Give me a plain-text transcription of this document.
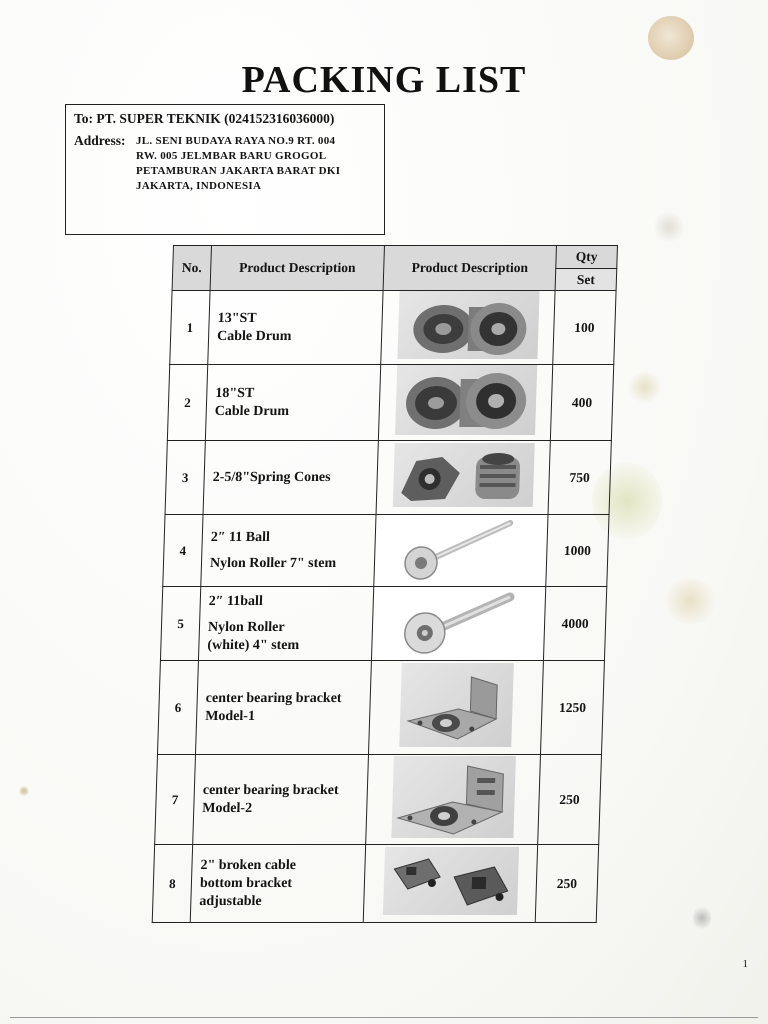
PACKING LIST
To: PT. SUPER TEKNIK (024152316036000)
Address: JL. SENI BUDAYA RAYA NO.9 RT. 004
RW. 005 JELMBAR BARU GROGOL
PETAMBURAN JAKARTA BARAT DKI
JAKARTA, INDONESIA
No.	Product Description	Product Description	Qty
			Set
1	13"ST
Cable Drum		100
2	18"ST
Cable Drum		400
3	2-5/8"Spring Cones		750
4	2″ 11 Ball
Nylon Roller 7" stem		1000
5	2″ 11ball
Nylon Roller
(white) 4" stem		4000
6	center bearing bracket
Model-1		1250
7	center bearing bracket
Model-2		250
8	2" broken cable
bottom bracket
adjustable		250
1
